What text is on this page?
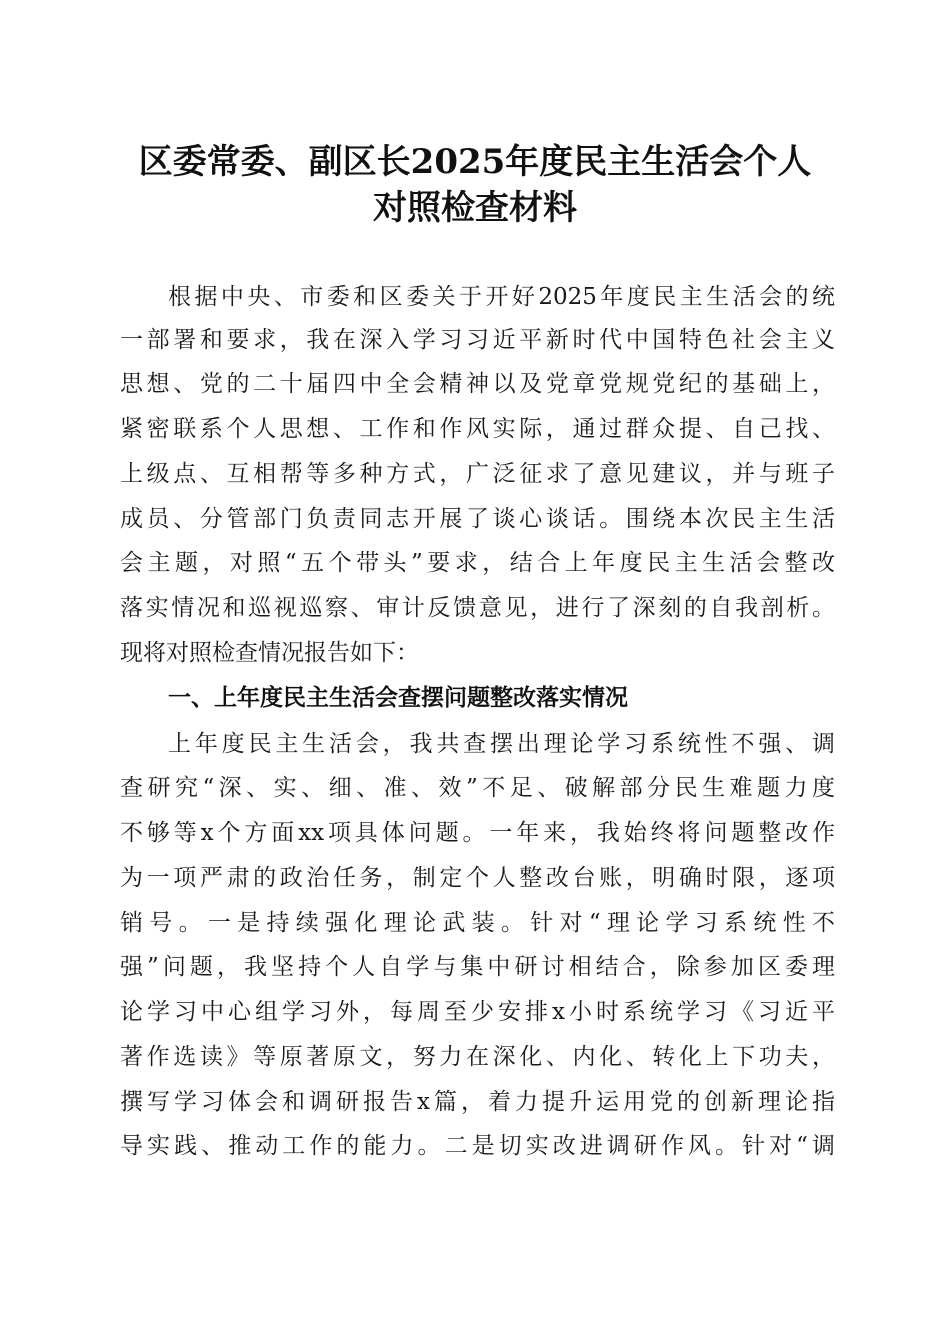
区委常委、副区长2025年度民主生活会个人
对照检查材料
根据中央、市委和区委关于开好2025年度民主生活会的统
一部署和要求，我在深入学习习近平新时代中国特色社会主义
思想、党的二十届四中全会精神以及党章党规党纪的基础上，
紧密联系个人思想、工作和作风实际，通过群众提、自己找、
上级点、互相帮等多种方式，广泛征求了意见建议，并与班子
成员、分管部门负责同志开展了谈心谈话。围绕本次民主生活
会主题，对照“五个带头”要求，结合上年度民主生活会整改
落实情况和巡视巡察、审计反馈意见，进行了深刻的自我剖析。
现将对照检查情况报告如下：
一、上年度民主生活会查摆问题整改落实情况
上年度民主生活会，我共查摆出理论学习系统性不强、调
查研究“深、实、细、准、效”不足、破解部分民生难题力度
不够等x个方面xx项具体问题。一年来，我始终将问题整改作
为一项严肃的政治任务，制定个人整改台账，明确时限，逐项
销号。一是持续强化理论武装。针对“理论学习系统性不
强”问题，我坚持个人自学与集中研讨相结合，除参加区委理
论学习中心组学习外，每周至少安排x小时系统学习《习近平
著作选读》等原著原文，努力在深化、内化、转化上下功夫，
撰写学习体会和调研报告x篇，着力提升运用党的创新理论指
导实践、推动工作的能力。二是切实改进调研作风。针对“调
